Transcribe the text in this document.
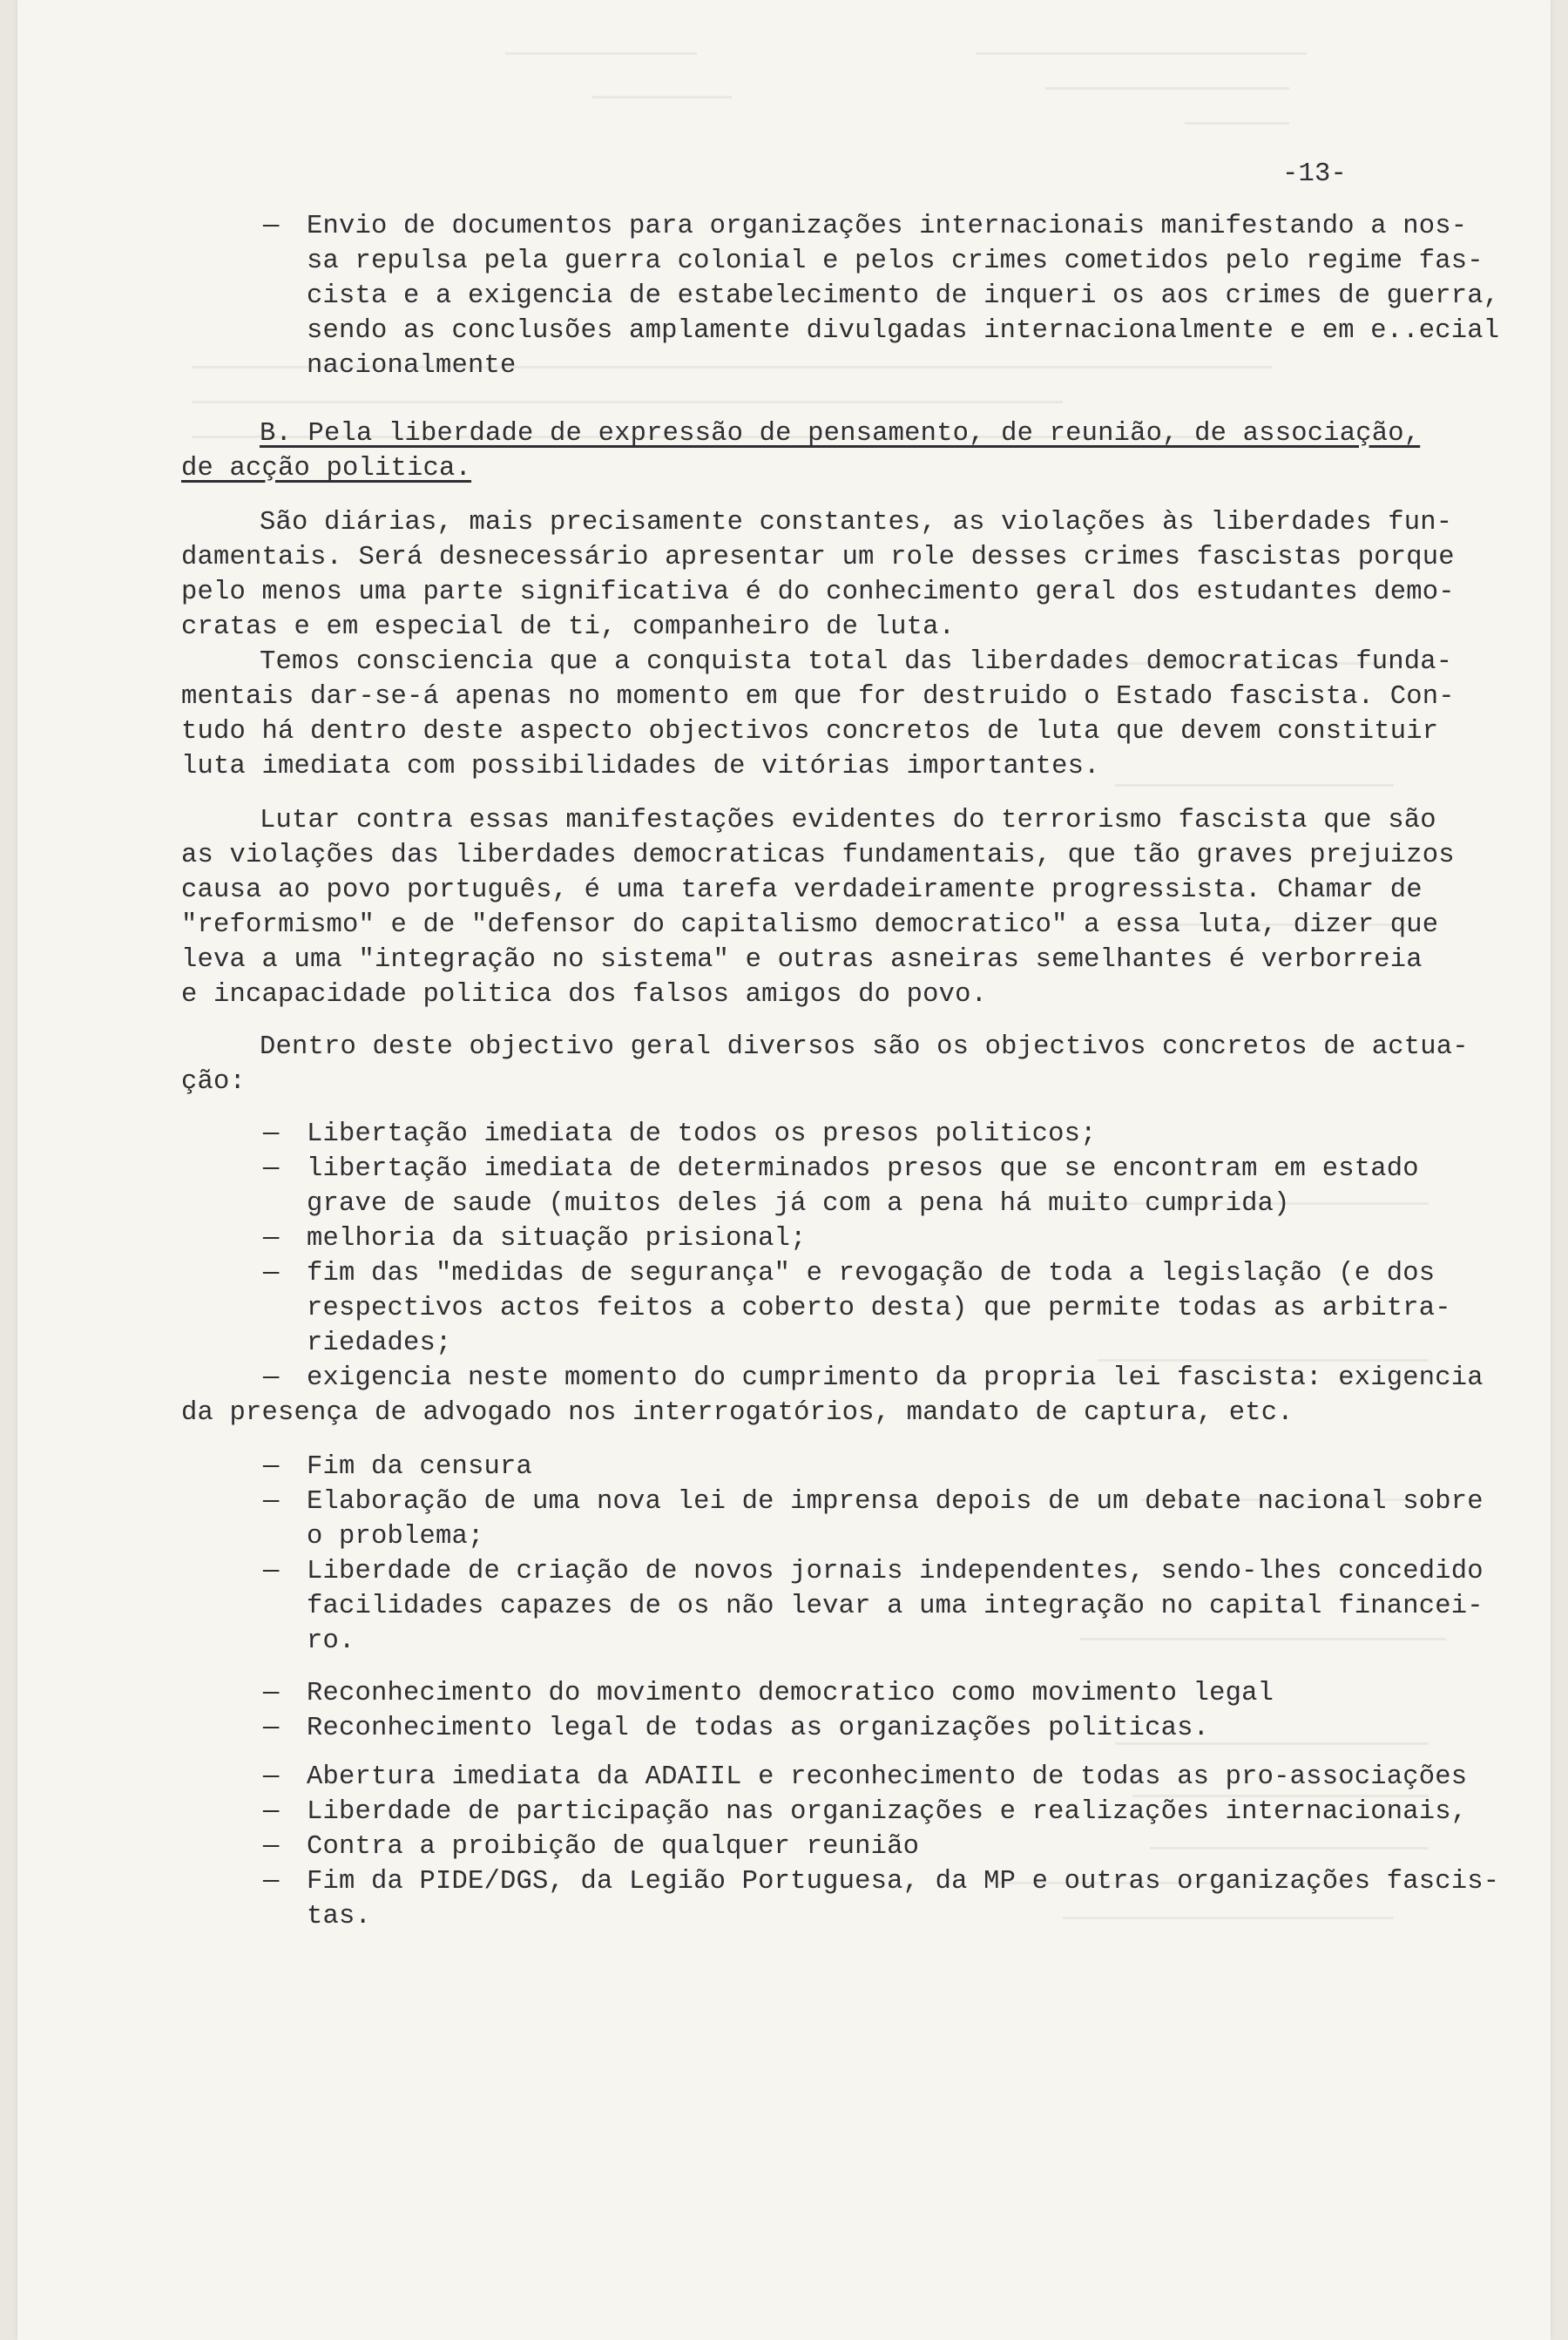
-13-
— Envio de documentos para organizações internacionais manifestando a nos-
sa repulsa pela guerra colonial e pelos crimes cometidos pelo regime fas-
cista e a exigencia de estabelecimento de inqueri os aos crimes de guerra,
sendo as conclusões amplamente divulgadas internacionalmente e em e..ecial
nacionalmente
B. Pela liberdade de expressão de pensamento, de reunião, de associação,
de acção politica.
São diárias, mais precisamente constantes, as violações às liberdades fun-
damentais. Será desnecessário apresentar um role desses crimes fascistas porque
pelo menos uma parte significativa é do conhecimento geral dos estudantes demo-
cratas e em especial de ti, companheiro de luta.
Temos consciencia que a conquista total das liberdades democraticas funda-
mentais dar-se-á apenas no momento em que for destruido o Estado fascista. Con-
tudo há dentro deste aspecto objectivos concretos de luta que devem constituir
luta imediata com possibilidades de vitórias importantes.
Lutar contra essas manifestações evidentes do terrorismo fascista que são
as violações das liberdades democraticas fundamentais, que tão graves prejuizos
causa ao povo português, é uma tarefa verdadeiramente progressista. Chamar de
"reformismo" e de "defensor do capitalismo democratico" a essa luta, dizer que
leva a uma "integração no sistema" e outras asneiras semelhantes é verborreia
e incapacidade politica dos falsos amigos do povo.
Dentro deste objectivo geral diversos são os objectivos concretos de actua-
ção:
— Libertação imediata de todos os presos politicos;
— libertação imediata de determinados presos que se encontram em estado
grave de saude (muitos deles já com a pena há muito cumprida)
— melhoria da situação prisional;
— fim das "medidas de segurança" e revogação de toda a legislação (e dos
respectivos actos feitos a coberto desta) que permite todas as arbitra-
riedades;
— exigencia neste momento do cumprimento da propria lei fascista: exigencia
da presença de advogado nos interrogatórios, mandato de captura, etc.
— Fim da censura
— Elaboração de uma nova lei de imprensa depois de um debate nacional sobre
o problema;
— Liberdade de criação de novos jornais independentes, sendo-lhes concedido
facilidades capazes de os não levar a uma integração no capital financei-
ro.
— Reconhecimento do movimento democratico como movimento legal
— Reconhecimento legal de todas as organizações politicas.
— Abertura imediata da ADAIIL e reconhecimento de todas as pro-associações
— Liberdade de participação nas organizações e realizações internacionais,
— Contra a proibição de qualquer reunião
— Fim da PIDE/DGS, da Legião Portuguesa, da MP e outras organizações fascis-
tas.
